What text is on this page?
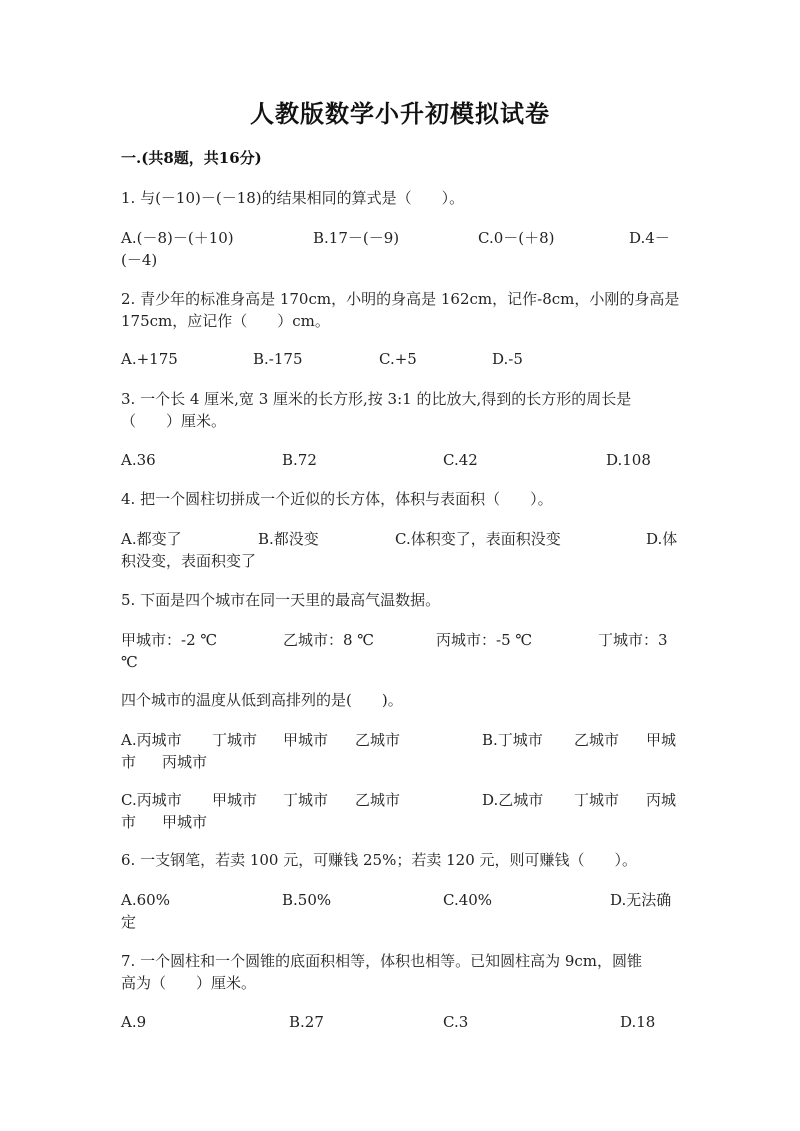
人教版数学小升初模拟试卷
一.(共8题，共16分)
1. 与(－10)－(－18)的结果相同的算式是（　　）。
A.(－8)－(＋10)	B.17－(－9)	C.0－(＋8)	D.4－
(－4)
2. 青少年的标准身高是 170cm，小明的身高是 162cm，记作-8cm，小刚的身高是
175cm，应记作（　　）cm。
A.+175	B.-175	C.+5	D.-5
3. 一个长 4 厘米,宽 3 厘米的长方形,按 3:1 的比放大,得到的长方形的周长是
（　　）厘米。
A.36	B.72	C.42	D.108
4. 把一个圆柱切拼成一个近似的长方体，体积与表面积（　　）。
A.都变了	B.都没变	C.体积变了，表面积没变	D.体
积没变，表面积变了
5. 下面是四个城市在同一天里的最高气温数据。
甲城市：-2 ℃	乙城市：8 ℃	丙城市：-5 ℃	丁城市：3
℃
四个城市的温度从低到高排列的是(　　)。
A.丙城市 丁城市 甲城市 乙城市	B.丁城市 乙城市 甲城
市 丙城市
C.丙城市 甲城市 丁城市 乙城市	D.乙城市 丁城市 丙城
市 甲城市
6. 一支钢笔，若卖 100 元，可赚钱 25%；若卖 120 元，则可赚钱（　　）。
A.60%	B.50%	C.40%	D.无法确
定
7. 一个圆柱和一个圆锥的底面积相等，体积也相等。已知圆柱高为 9cm，圆锥
高为（　　）厘米。
A.9	B.27	C.3	D.18
